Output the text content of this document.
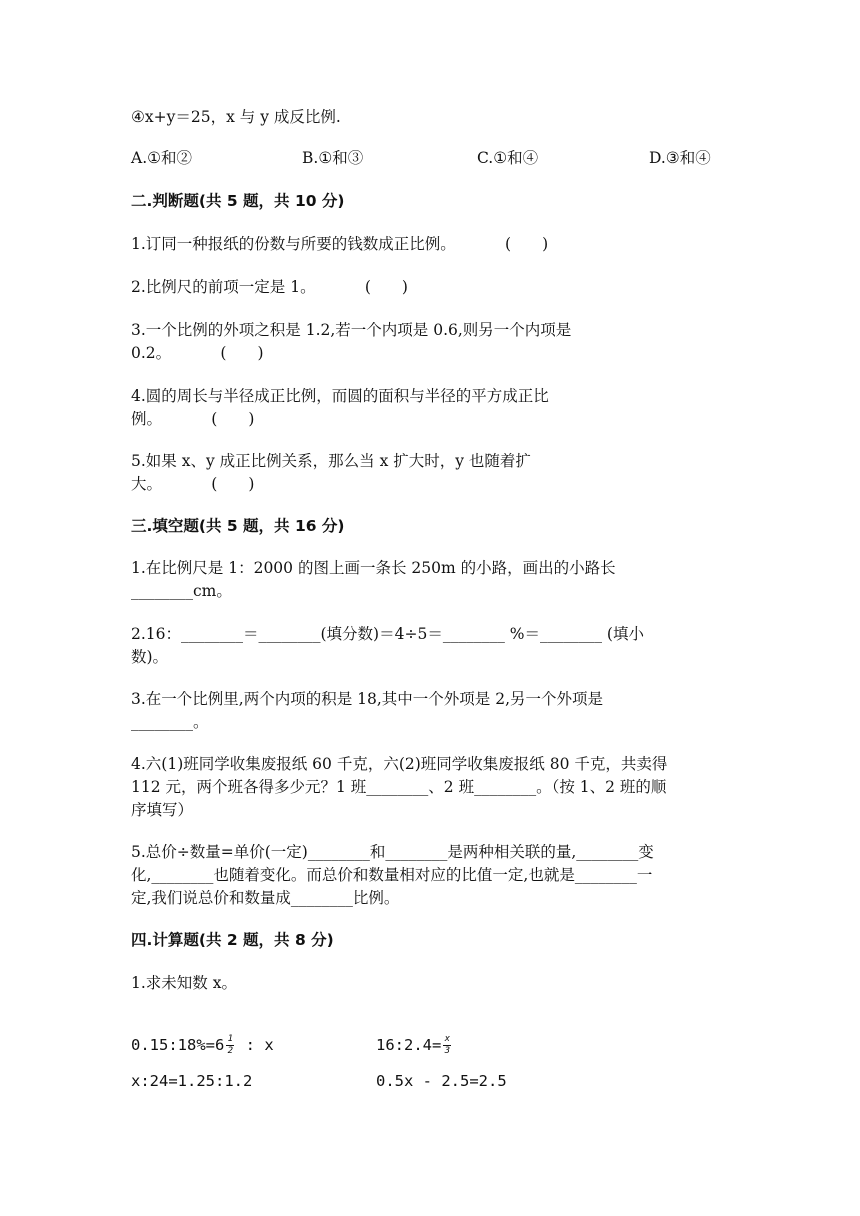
④x+y＝25，x 与 y 成反比例.
A.①和②	B.①和③	C.①和④	D.③和④
二.判断题(共 5 题，共 10 分)
1.订同一种报纸的份数与所要的钱数成正比例。          (　　)
2.比例尺的前项一定是 1。          (　　)
3.一个比例的外项之积是 1.2,若一个内项是 0.6,则另一个内项是
0.2。          (　　)
4.圆的周长与半径成正比例，而圆的面积与半径的平方成正比
例。          (　　)
5.如果 x、y 成正比例关系，那么当 x 扩大时，y 也随着扩
大。          (　　)
三.填空题(共 5 题，共 16 分)
1.在比例尺是 1：2000 的图上画一条长 250m 的小路，画出的小路长
________cm。
2.16：________＝________(填分数)＝4÷5＝________ %＝________ (填小
数)。
3.在一个比例里,两个内项的积是 18,其中一个外项是 2,另一个外项是
________。
4.六(1)班同学收集废报纸 60 千克，六(2)班同学收集废报纸 80 千克，共卖得
112 元，两个班各得多少元？1 班________、2 班________。（按 1、2 班的顺
序填写）
5.总价÷数量=单价(一定)________和________是两种相关联的量,________变
化,________也随着变化。而总价和数量相对应的比值一定,也就是________一
定,我们说总价和数量成________比例。
四.计算题(共 2 题，共 8 分)
1.求未知数 x。
0.15:18%=6 $\frac{1}{2}$ : x	16:2.4= $\frac{x}{3}$
x:24=1.25:1.2	0.5x - 2.5=2.5
